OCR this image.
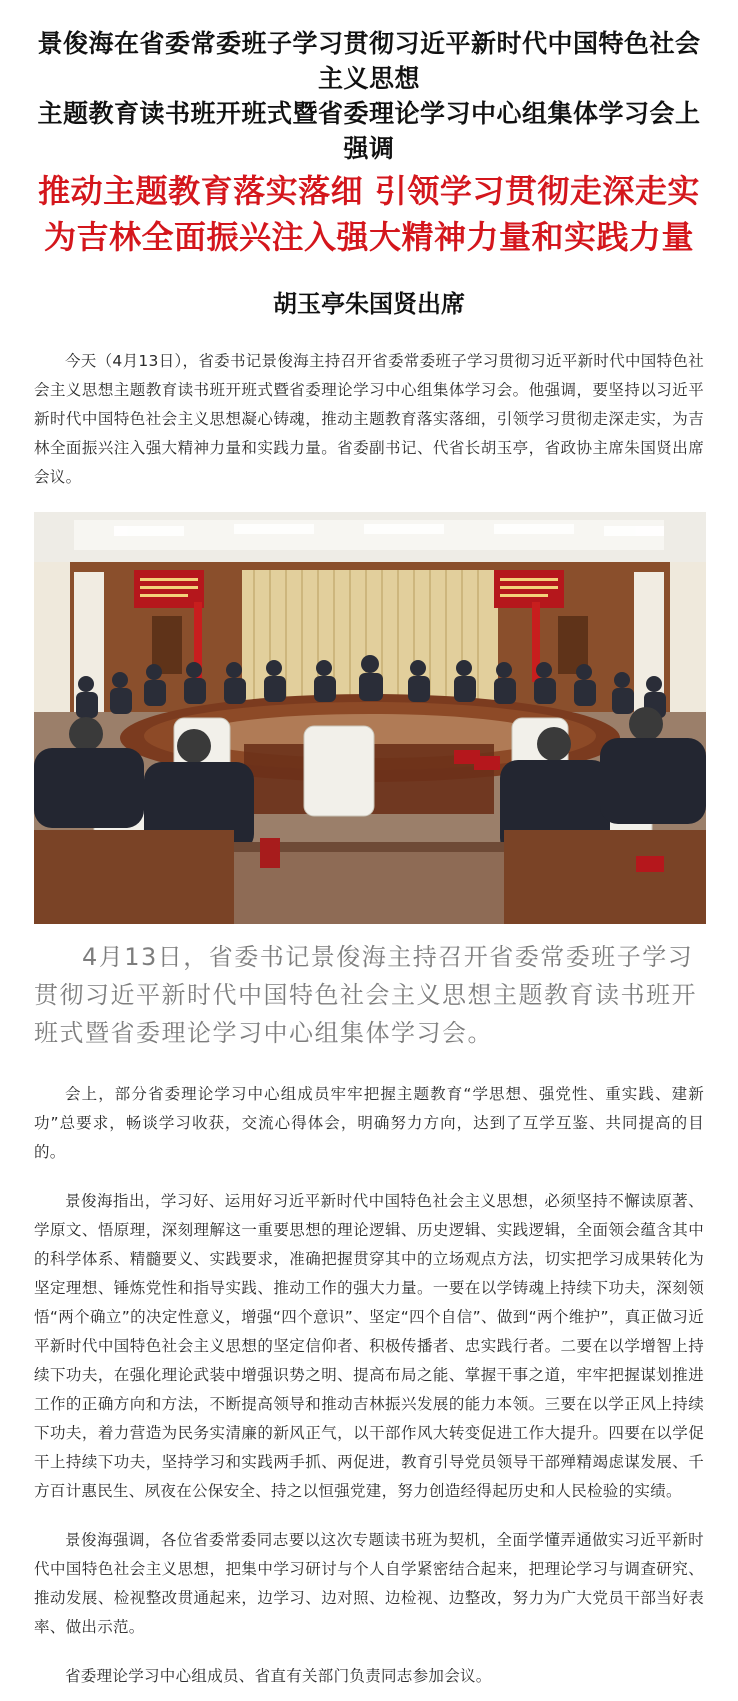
景俊海在省委常委班子学习贯彻习近平新时代中国特色社会主义思想
主题教育读书班开班式暨省委理论学习中心组集体学习会上强调
推动主题教育落实落细 引领学习贯彻走深走实
为吉林全面振兴注入强大精神力量和实践力量
胡玉亭朱国贤出席

今天（4月13日），省委书记景俊海主持召开省委常委班子学习贯彻习近平新时代中国特色社会主义思想主题教育读书班开班式暨省委理论学习中心组集体学习会。他强调，要坚持以习近平新时代中国特色社会主义思想凝心铸魂，推动主题教育落实落细，引领学习贯彻走深走实，为吉林全面振兴注入强大精神力量和实践力量。省委副书记、代省长胡玉亭，省政协主席朱国贤出席会议。

4月13日，省委书记景俊海主持召开省委常委班子学习贯彻习近平新时代中国特色社会主义思想主题教育读书班开班式暨省委理论学习中心组集体学习会。

会上，部分省委理论学习中心组成员牢牢把握主题教育“学思想、强党性、重实践、建新功”总要求，畅谈学习收获，交流心得体会，明确努力方向，达到了互学互鉴、共同提高的目的。

景俊海指出，学习好、运用好习近平新时代中国特色社会主义思想，必须坚持不懈读原著、学原文、悟原理，深刻理解这一重要思想的理论逻辑、历史逻辑、实践逻辑，全面领会蕴含其中的科学体系、精髓要义、实践要求，准确把握贯穿其中的立场观点方法，切实把学习成果转化为坚定理想、锤炼党性和指导实践、推动工作的强大力量。一要在以学铸魂上持续下功夫，深刻领悟“两个确立”的决定性意义，增强“四个意识”、坚定“四个自信”、做到“两个维护”，真正做习近平新时代中国特色社会主义思想的坚定信仰者、积极传播者、忠实践行者。二要在以学增智上持续下功夫，在强化理论武装中增强识势之明、提高布局之能、掌握干事之道，牢牢把握谋划推进工作的正确方向和方法，不断提高领导和推动吉林振兴发展的能力本领。三要在以学正风上持续下功夫，着力营造为民务实清廉的新风正气，以干部作风大转变促进工作大提升。四要在以学促干上持续下功夫，坚持学习和实践两手抓、两促进，教育引导党员领导干部殚精竭虑谋发展、千方百计惠民生、夙夜在公保安全、持之以恒强党建，努力创造经得起历史和人民检验的实绩。

景俊海强调，各位省委常委同志要以这次专题读书班为契机，全面学懂弄通做实习近平新时代中国特色社会主义思想，把集中学习研讨与个人自学紧密结合起来，把理论学习与调查研究、推动发展、检视整改贯通起来，边学习、边对照、边检视、边整改，努力为广大党员干部当好表率、做出示范。

省委理论学习中心组成员、省直有关部门负责同志参加会议。
